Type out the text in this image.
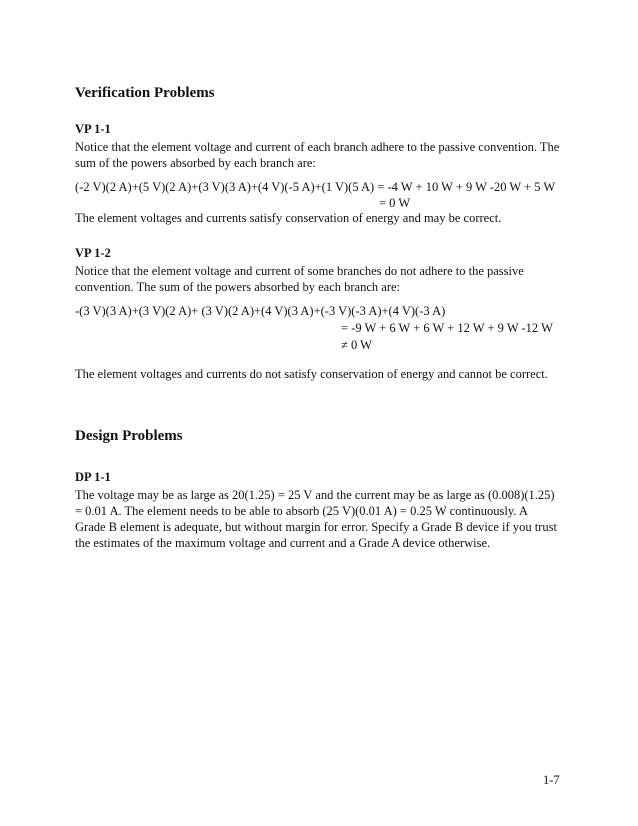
Verification Problems
VP 1-1
Notice that the element voltage and current of each branch adhere to the passive convention. The
sum of the powers absorbed by each branch are:
(-2 V)(2 A)+(5 V)(2 A)+(3 V)(3 A)+(4 V)(-5 A)+(1 V)(5 A) = -4 W + 10 W + 9 W -20 W + 5 W
= 0 W
The element voltages and currents satisfy conservation of energy and may be correct.
VP 1-2
Notice that the element voltage and current of some branches do not adhere to the passive
convention. The sum of the powers absorbed by each branch are:
-(3 V)(3 A)+(3 V)(2 A)+ (3 V)(2 A)+(4 V)(3 A)+(-3 V)(-3 A)+(4 V)(-3 A)
= -9 W + 6 W + 6 W + 12 W + 9 W -12 W
≠ 0 W
The element voltages and currents do not satisfy conservation of energy and cannot be correct.
Design Problems
DP 1-1
The voltage may be as large as 20(1.25) = 25 V and the current may be as large as (0.008)(1.25)
= 0.01 A. The element needs to be able to absorb (25 V)(0.01 A) = 0.25 W continuously. A
Grade B element is adequate, but without margin for error. Specify a Grade B device if you trust
the estimates of the maximum voltage and current and a Grade A device otherwise.
1-7
